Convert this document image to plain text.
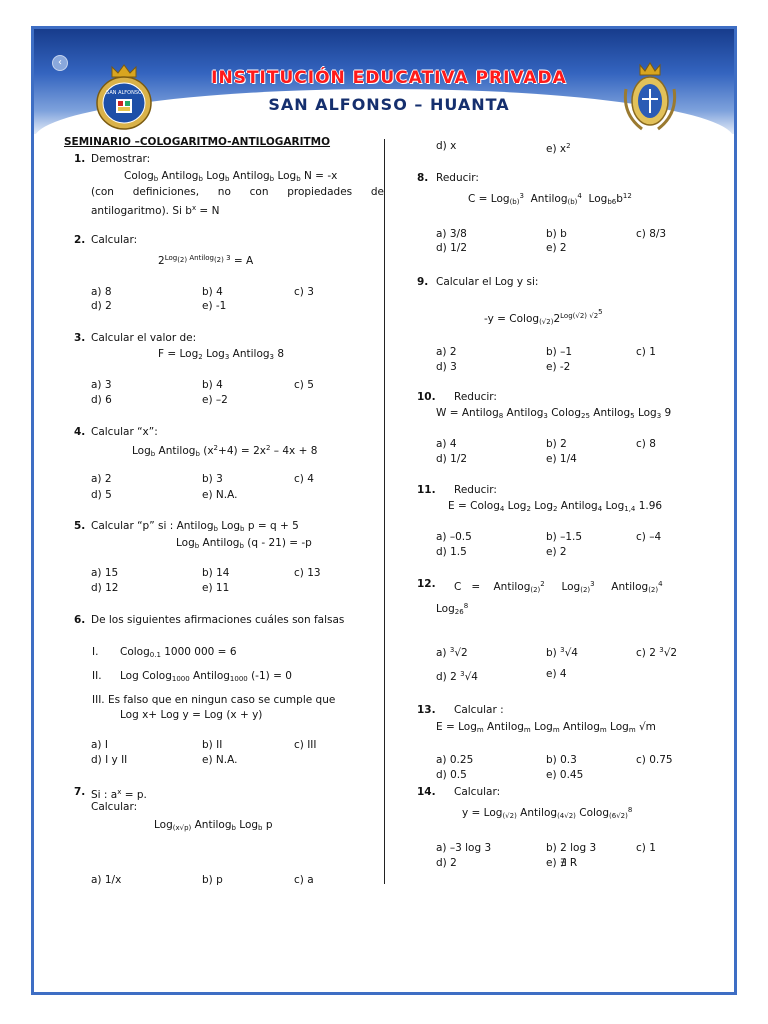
‹
SAN ALFONSO
INSTITUCIÓN EDUCATIVA PRIVADA
SAN ALFONSO – HUANTA
SEMINARIO –COLOGARITMO-ANTILOGARITMO
1. Demostrar:
Colog$_b$ Antilog$_b$ Log$_b$ Antilog$_b$ Log$_b$ N = -x
(con definiciones, no con propiedades de
antilogaritmo). Si $b^x = N$
2. Calcular:
$2^{Log_{(2)} Antilog_{(2)} 3} = A$
a) 8	b) 4	c) 3
d) 2	e) -1
3. Calcular el valor de:
F = Log$_2$ Log$_3$ Antilog$_3$ 8
a) 3	b) 4	c) 5
d) 6	e) –2
4. Calcular “x”:
Log$_b$ Antilog$_b$ $(x^2+4) = 2x^2 - 4x + 8$
a) 2	b) 3	c) 4
d) 5	e) N.A.
5. Calcular “p” si : Antilog$_b$ Log$_b$ p = q + 5
Log$_b$ Antilog$_b$ (q - 21) = -p
a) 15	b) 14	c) 13
d) 12	e) 11
6. De los siguientes afirmaciones cuáles son falsas
I. Colog$_{0.1}$ 1000 000 = 6
II. Log Colog$_{1000}$ Antilog$_{1000}$ (-1) = 0
III. Es falso que en ningun caso se cumple que
Log x+ Log y = Log (x + y)
a) I	b) II	c) III
d) I y II	e) N.A.
7. Si : $a^x = p$.
Calcular:
Log$_{(x√p)}$ Antilog$_b$ Log$_b$ p
a) 1/x	b) p	c) a
d) x	e) $x^2$
8. Reducir:
C = Log$_{(b)}^3$  Antilog$_{(b)}^4$  $Log_{b6}b^{12}$
a) 3/8	b) b	c) 8/3
d) 1/2	e) 2
9. Calcular el Log y si:
$-y = Colog_{(√2)}2^{Log(√2) √2^5}$
a) 2	b) –1	c) 1
d) 3	e) -2
10. Reducir:
W = Antilog$_8$ Antilog$_3$ Colog$_{25}$ Antilog$_5$ Log$_3$ 9
a) 4	b) 2	c) 8
d) 1/2	e) 1/4
11. Reducir:
E = Colog$_4$ Log$_2$ Log$_2$ Antilog$_4$ Log$_{1,4}$ 1.96
a) –0.5	b) –1.5	c) –4
d) 1.5	e) 2
12. C   =    Antilog$_{(2)}^2$     Log$_{(2)}^3$     Antilog$_{(2)}^4$
Log$_{26}^8$
a) $^3$√2	b) $^3$√4	c) 2 $^3$√2
d) 2 $^3$√4	e) 4
13. Calcular :
E = Log$_m$ Antilog$_m$ Log$_m$ Antilog$_m$ Log$_m$ √m
a) 0.25	b) 0.3	c) 0.75
d) 0.5	e) 0.45
14. Calcular:
y = Log$_{(√2)}$ Antilog$_{(4√2)}$ Colog$_{(6√2)}^8$
a) –3 log 3	b) 2 log 3	c) 1
d) 2	e) ∄ R
